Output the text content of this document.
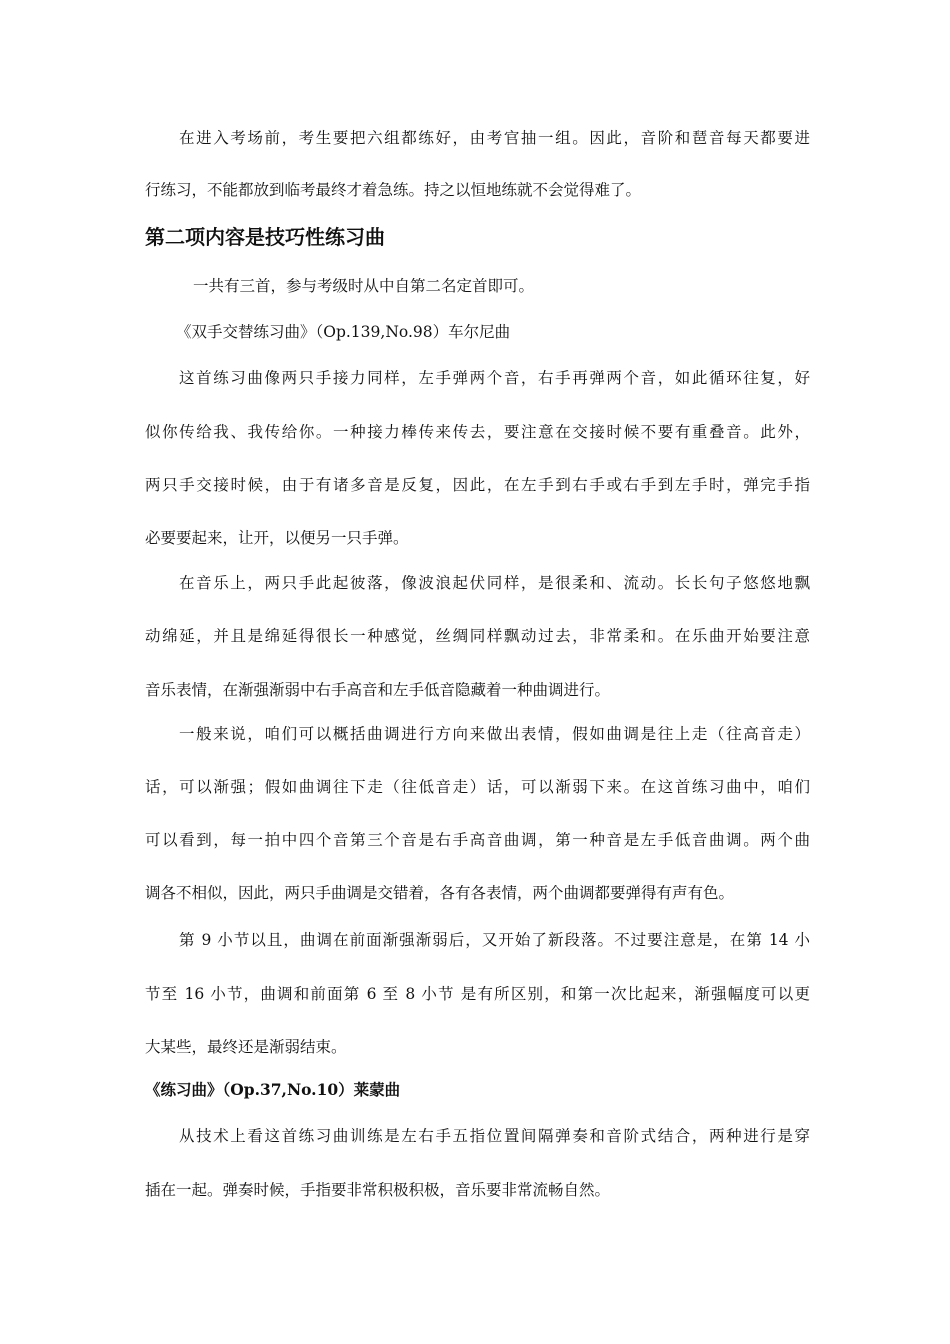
在进入考场前，考生要把六组都练好，由考官抽一组。因此，音阶和琶音每天都要进
行练习，不能都放到临考最终才着急练。持之以恒地练就不会觉得难了。
第二项内容是技巧性练习曲
一共有三首，参与考级时从中自第二名定首即可。
《双手交替练习曲》（Op.139,No.98）车尔尼曲
这首练习曲像两只手接力同样，左手弹两个音，右手再弹两个音，如此循环往复，好
似你传给我、我传给你。一种接力棒传来传去，要注意在交接时候不要有重叠音。此外，
两只手交接时候，由于有诸多音是反复，因此，在左手到右手或右手到左手时，弹完手指
必要要起来，让开，以便另一只手弹。
在音乐上，两只手此起彼落，像波浪起伏同样，是很柔和、流动。长长句子悠悠地飘
动绵延，并且是绵延得很长一种感觉，丝绸同样飘动过去，非常柔和。在乐曲开始要注意
音乐表情，在渐强渐弱中右手高音和左手低音隐藏着一种曲调进行。
一般来说，咱们可以概括曲调进行方向来做出表情，假如曲调是往上走（往高音走）
话，可以渐强；假如曲调往下走（往低音走）话，可以渐弱下来。在这首练习曲中，咱们
可以看到，每一拍中四个音第三个音是右手高音曲调，第一种音是左手低音曲调。两个曲
调各不相似，因此，两只手曲调是交错着，各有各表情，两个曲调都要弹得有声有色。
第 9 小节以且，曲调在前面渐强渐弱后，又开始了新段落。不过要注意是，在第 14 小
节至 16 小节，曲调和前面第 6 至 8 小节 是有所区别，和第一次比起来，渐强幅度可以更
大某些，最终还是渐弱结束。
《练习曲》（Op.37,No.10）莱蒙曲
从技术上看这首练习曲训练是左右手五指位置间隔弹奏和音阶式结合，两种进行是穿
插在一起。弹奏时候，手指要非常积极积极，音乐要非常流畅自然。
